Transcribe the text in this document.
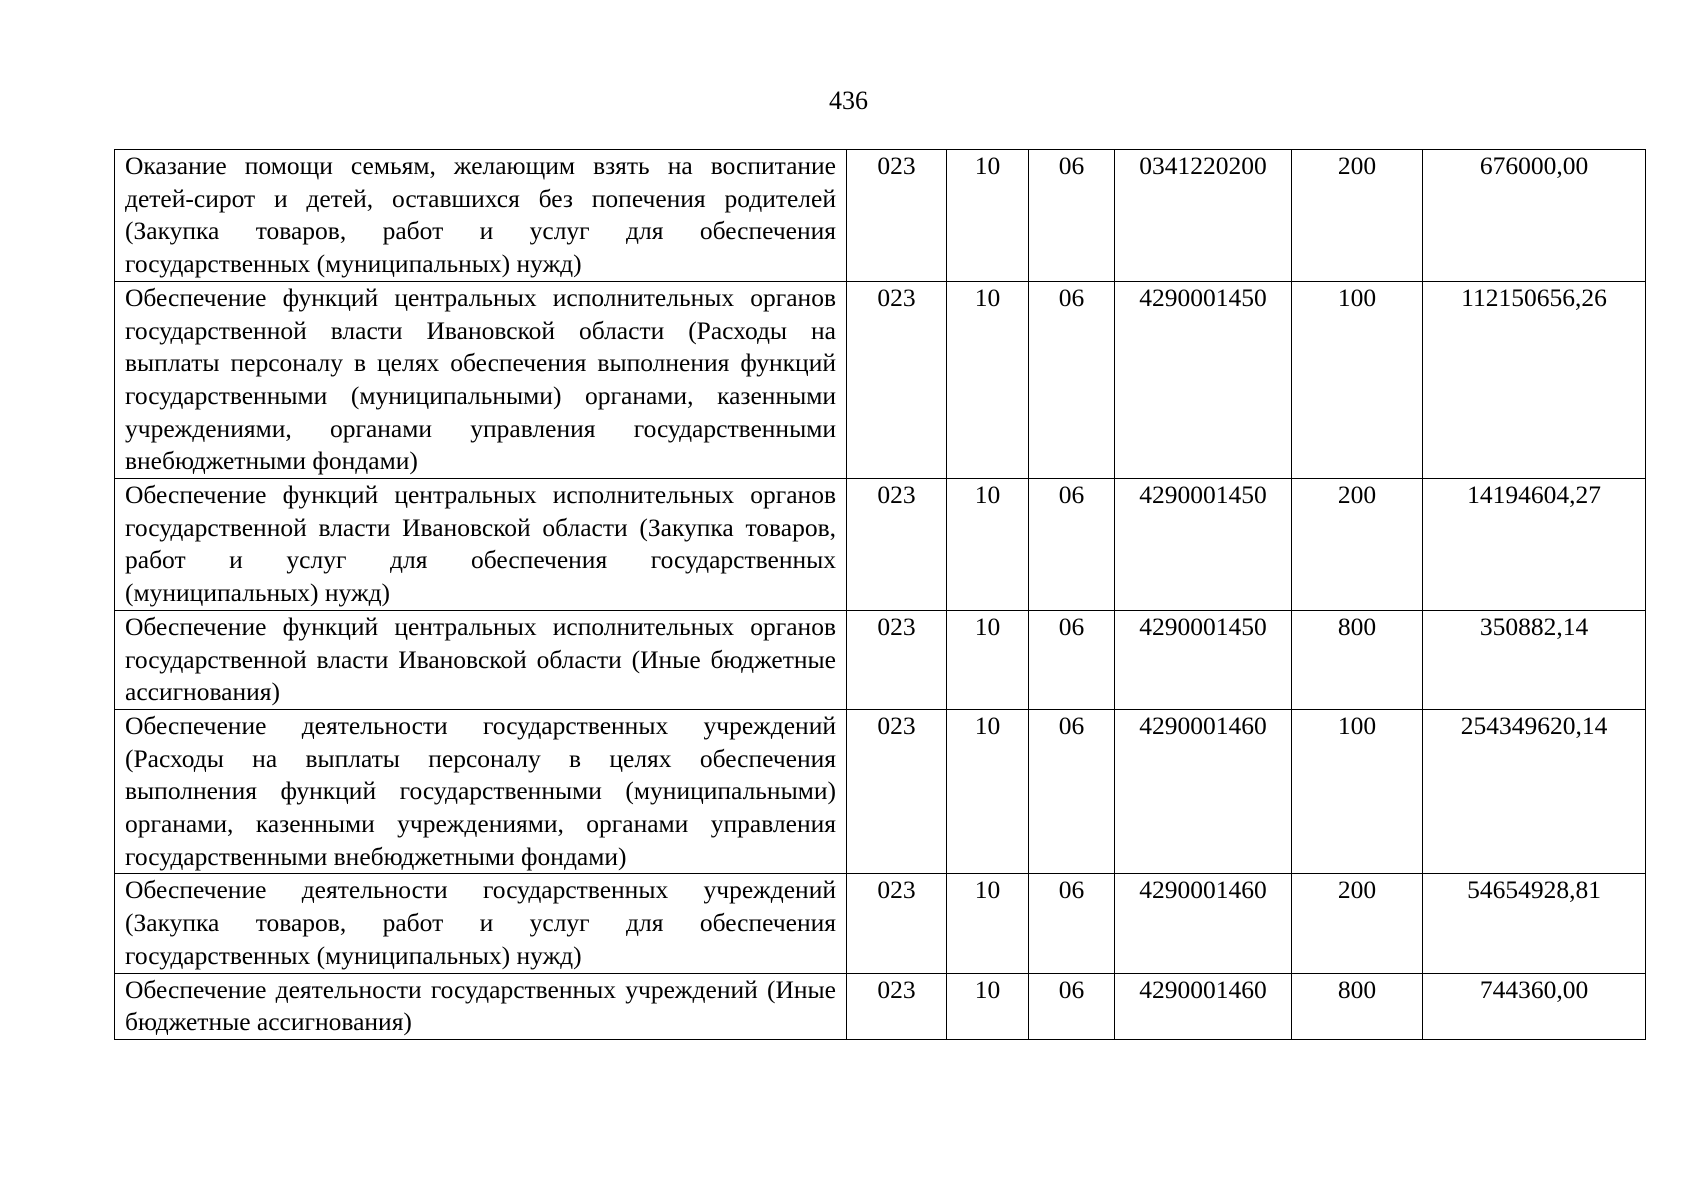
436
Оказание помощи семьям, желающим взять на воспитание детей-сирот и детей, оставшихся без попечения родителей (Закупка товаров, работ и услуг для обеспечения государственных (муниципальных) нужд)	023	10	06	0341220200	200	676000,00
Обеспечение функций центральных исполнительных органов государственной власти Ивановской области (Расходы на выплаты персоналу в целях обеспечения выполнения функций государственными (муниципальными) органами, казенными учреждениями, органами управления государственными внебюджетными фондами)	023	10	06	4290001450	100	112150656,26
Обеспечение функций центральных исполнительных органов государственной власти Ивановской области (Закупка товаров, работ и услуг для обеспечения государственных (муниципальных) нужд)	023	10	06	4290001450	200	14194604,27
Обеспечение функций центральных исполнительных органов государственной власти Ивановской области (Иные бюджетные ассигнования)	023	10	06	4290001450	800	350882,14
Обеспечение деятельности государственных учреждений (Расходы на выплаты персоналу в целях обеспечения выполнения функций государственными (муниципальными) органами, казенными учреждениями, органами управления государственными внебюджетными фондами)	023	10	06	4290001460	100	254349620,14
Обеспечение деятельности государственных учреждений (Закупка товаров, работ и услуг для обеспечения государственных (муниципальных) нужд)	023	10	06	4290001460	200	54654928,81
Обеспечение деятельности государственных учреждений (Иные бюджетные ассигнования)	023	10	06	4290001460	800	744360,00
